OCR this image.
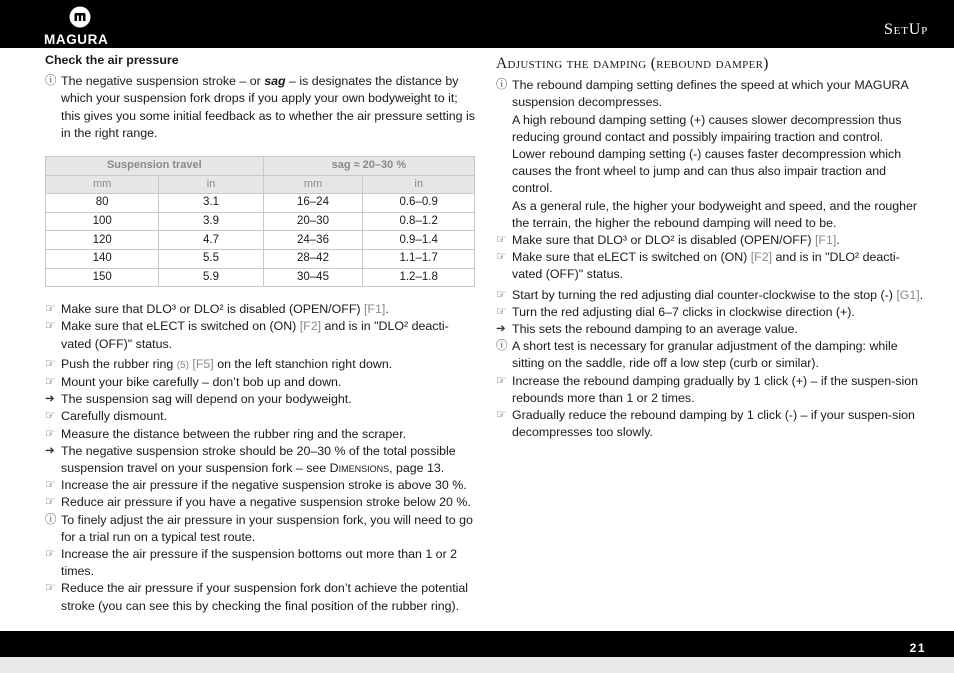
MAGURA
SetUp
Check the air pressure

ⓘ The negative suspension stroke – or sag – is designates the distance by which your suspension fork drops if you apply your own bodyweight to it; this gives you some initial feedback as to whether the air pressure setting is in the right range.

Suspension travel		sag ≈ 20–30 %	
mm	in	mm	in
80	3.1	16–24	0.6–0.9
100	3.9	20–30	0.8–1.2
120	4.7	24–36	0.9–1.4
140	5.5	28–42	1.1–1.7
150	5.9	30–45	1.2–1.8

☞ Make sure that DLO³ or DLO² is disabled (OPEN/OFF) [F1].

☞ Make sure that eLECT is switched on (ON) [F2] and is in "DLO² deacti-vated (OFF)" status.

☞ Push the rubber ring (5) [F5] on the left stanchion right down.

☞ Mount your bike carefully – don’t bob up and down.

➔ The suspension sag will depend on your bodyweight.

☞ Carefully dismount.

☞ Measure the distance between the rubber ring and the scraper.

➔ The negative suspension stroke should be 20–30 % of the total possible suspension travel on your suspension fork – see Dimensions, page 13.

☞ Increase the air pressure if the negative suspension stroke is above 30 %.

☞ Reduce air pressure if you have a negative suspension stroke below 20 %.

ⓘ To finely adjust the air pressure in your suspension fork, you will need to go for a trial run on a typical test route.

☞ Increase the air pressure if the suspension bottoms out more than 1 or 2 times.

☞ Reduce the air pressure if your suspension fork don’t achieve the potential stroke (you can see this by checking the final position of the rubber ring).

Adjusting the damping (rebound damper)
ⓘ The rebound damping setting defines the speed at which your MAGURA suspension decompresses.
A high rebound damping setting (+) causes slower decompression thus reducing ground contact and possibly impairing traction and control.
Lower rebound damping setting (-) causes faster decompression which causes the front wheel to jump and can thus also impair traction and control.
As a general rule, the higher your bodyweight and speed, and the rougher the terrain, the higher the rebound damping will need to be.

☞ Make sure that DLO³ or DLO² is disabled (OPEN/OFF) [F1].

☞ Make sure that eLECT is switched on (ON) [F2] and is in "DLO² deacti-vated (OFF)" status.

☞ Start by turning the red adjusting dial counter-clockwise to the stop (-) [G1].

☞ Turn the red adjusting dial 6–7 clicks in clockwise direction (+).

➔ This sets the rebound damping to an average value.

ⓘ A short test is necessary for granular adjustment of the damping: while sitting on the saddle, ride off a low step (curb or similar).

☞ Increase the rebound damping gradually by 1 click (+) – if the suspen-sion rebounds more than 1 or 2 times.

☞ Gradually reduce the rebound damping by 1 click (-) – if your suspen-sion decompresses too slowly.

21
